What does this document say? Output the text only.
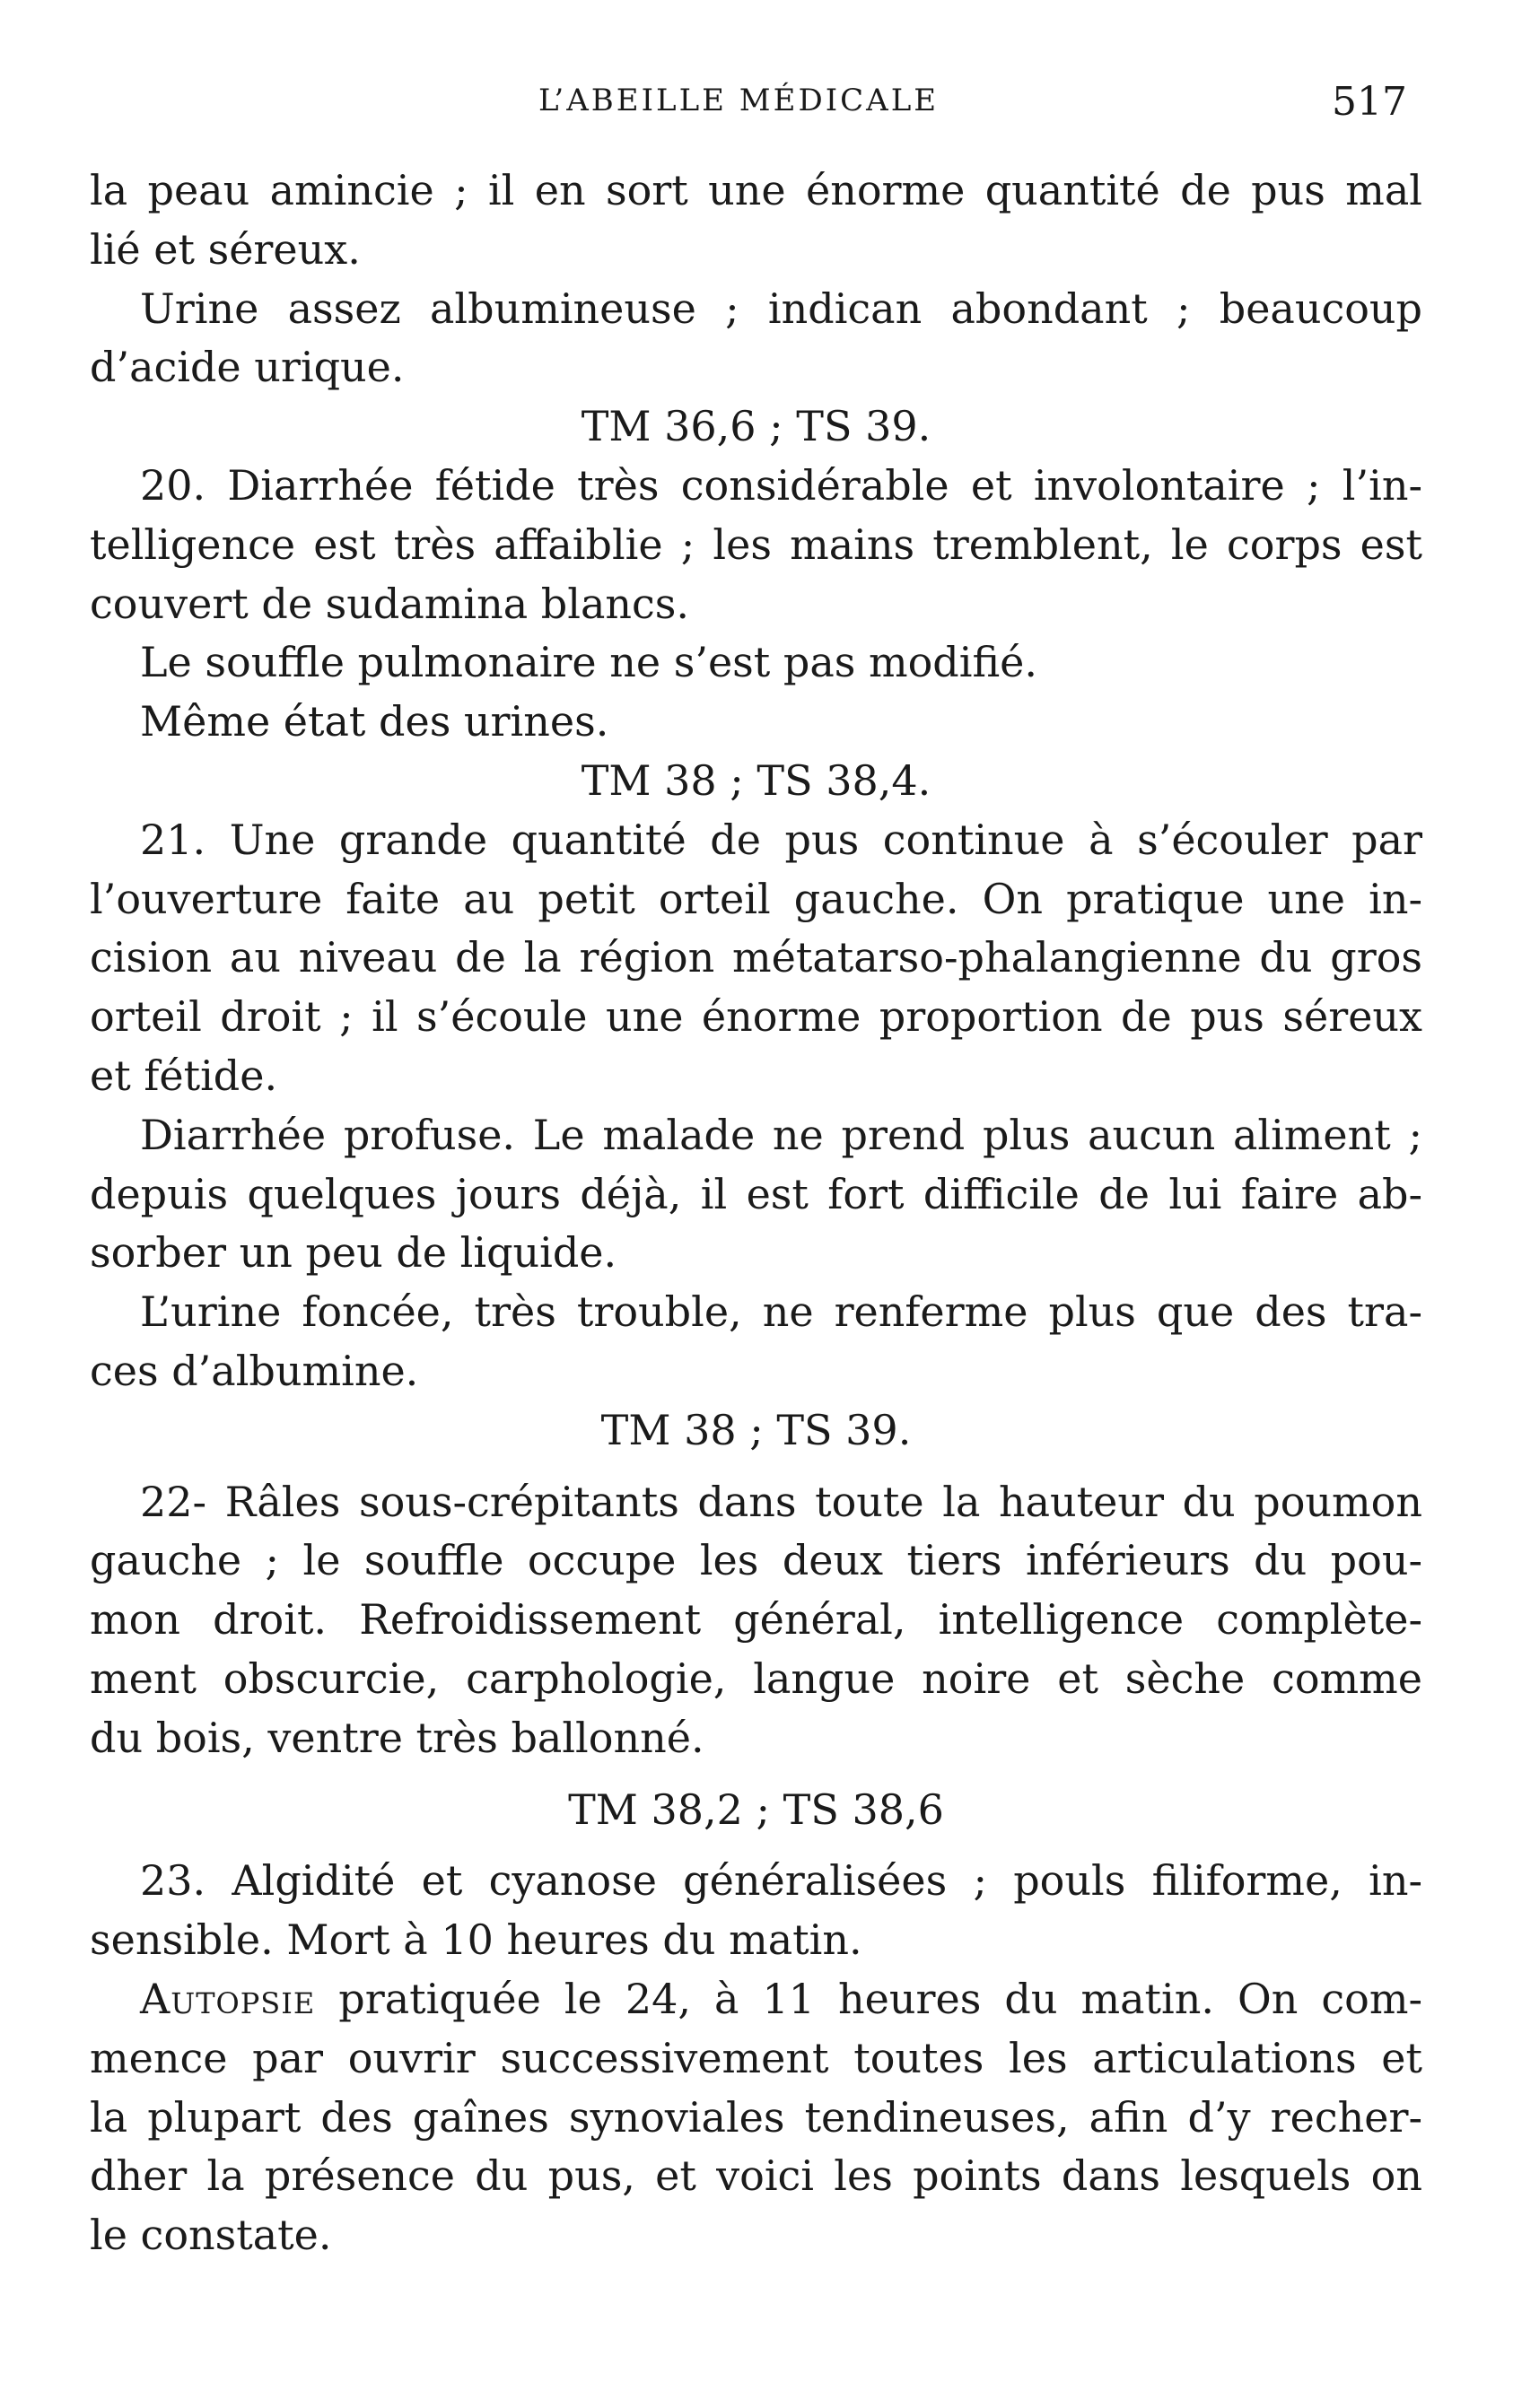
L’ABEILLE MÉDICALE	517
la peau amincie ; il en sort une énorme quantité de pus mal
lié et séreux.
Urine assez albumineuse ; indican abondant ; beaucoup
d’acide urique.
TM 36,6 ; TS 39.
20. Diarrhée fétide très considérable et involontaire ; l’in-
telligence est très affaiblie ; les mains tremblent, le corps est
couvert de sudamina blancs.
Le souffle pulmonaire ne s’est pas modifié.
Même état des urines.
TM 38 ; TS 38,4.
21. Une grande quantité de pus continue à s’écouler par
l’ouverture faite au petit orteil gauche. On pratique une in-
cision au niveau de la région métatarso-phalangienne du gros
orteil droit ; il s’écoule une énorme proportion de pus séreux
et fétide.
Diarrhée profuse. Le malade ne prend plus aucun aliment ;
depuis quelques jours déjà, il est fort difficile de lui faire ab-
sorber un peu de liquide.
L’urine foncée, très trouble, ne renferme plus que des tra-
ces d’albumine.
TM 38 ; TS 39.
22- Râles sous-crépitants dans toute la hauteur du poumon
gauche ; le souffle occupe les deux tiers inférieurs du pou-
mon droit. Refroidissement général, intelligence complète-
ment obscurcie, carphologie, langue noire et sèche comme
du bois, ventre très ballonné.
TM 38,2 ; TS 38,6
23. Algidité et cyanose généralisées ; pouls filiforme, in-
sensible. Mort à 10 heures du matin.
Autopsie pratiquée le 24, à 11 heures du matin. On com-
mence par ouvrir successivement toutes les articulations et
la plupart des gaînes synoviales tendineuses, afin d’y recher-
dher la présence du pus, et voici les points dans lesquels on
le constate.
